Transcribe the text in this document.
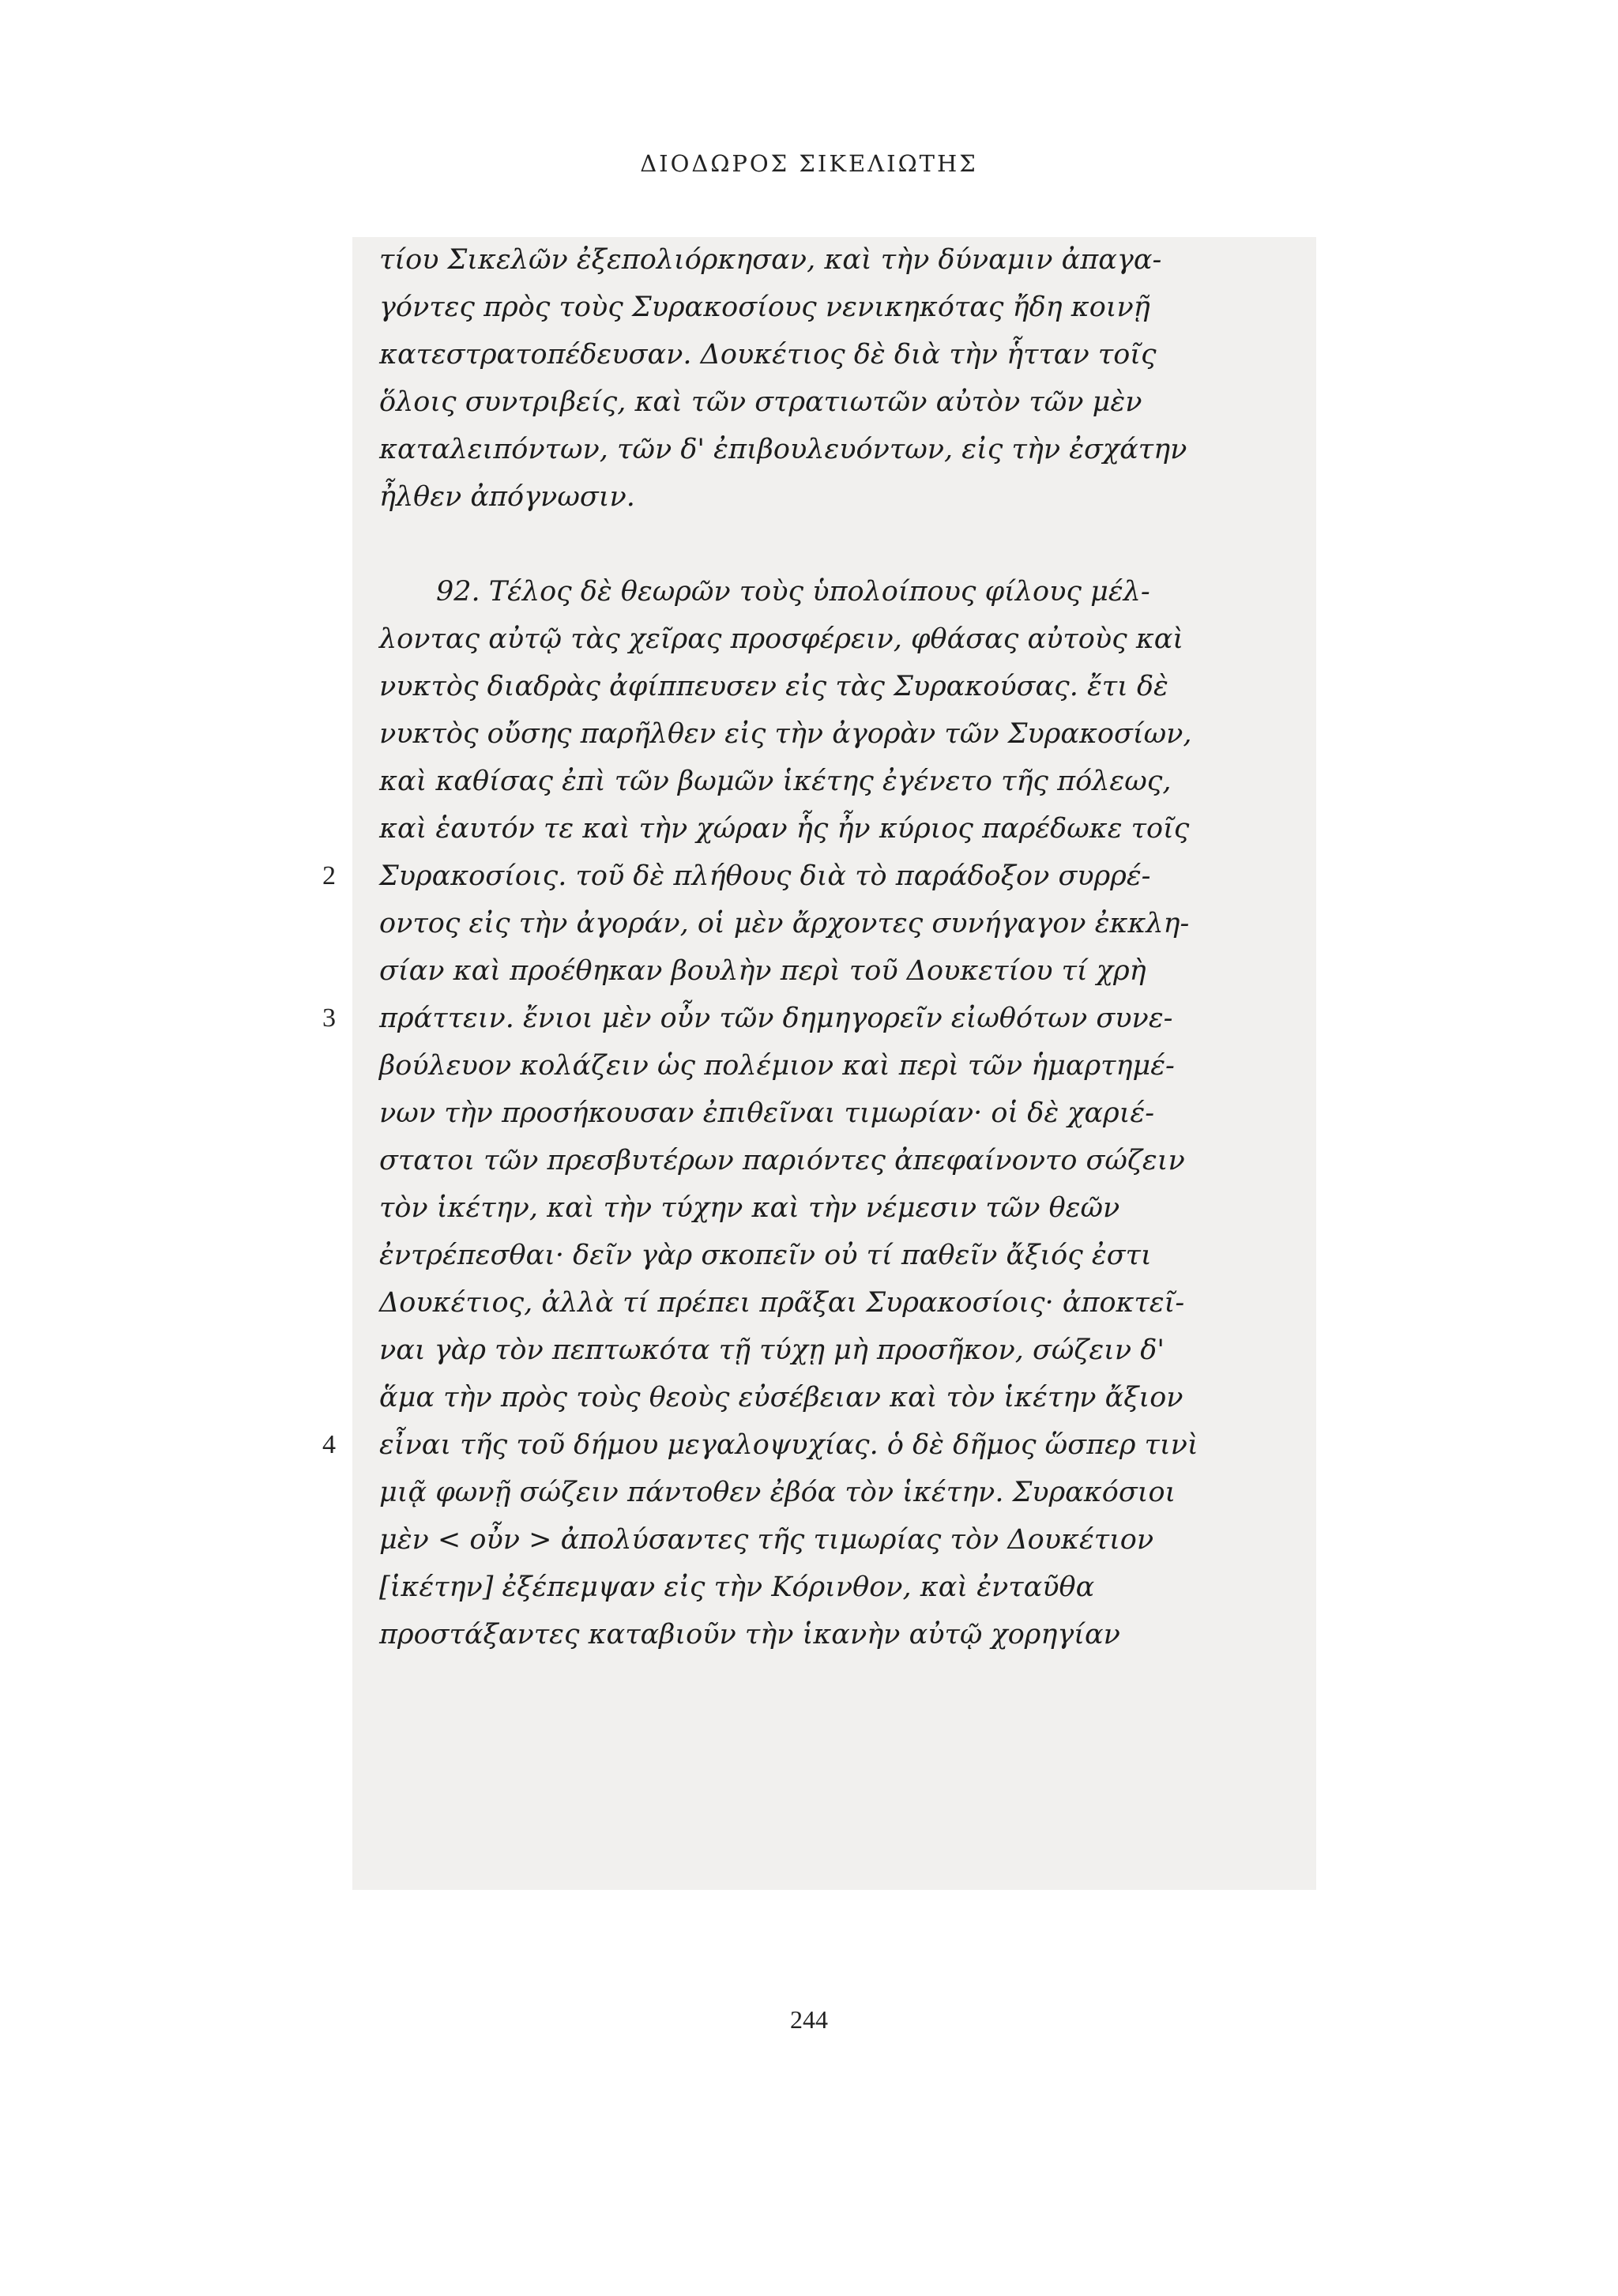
ΔΙΟΔΩΡΟΣ ΣΙΚΕΛΙΩΤΗΣ
τίου Σικελῶν ἐξεπολιόρκησαν, καὶ τὴν δύναμιν ἀπαγα-
γόντες πρὸς τοὺς Συρακοσίους νενικηκότας ἤδη κοινῇ
κατεστρατοπέδευσαν. Δουκέτιος δὲ διὰ τὴν ἧτταν τοῖς
ὅλοις συντριβείς, καὶ τῶν στρατιωτῶν αὐτὸν τῶν μὲν
καταλειπόντων, τῶν δ' ἐπιβουλευόντων, εἰς τὴν ἐσχάτην
ἦλθεν ἀπόγνωσιν.
92. Τέλος δὲ θεωρῶν τοὺς ὑπολοίπους φίλους μέλ-
λοντας αὐτῷ τὰς χεῖρας προσφέρειν, φθάσας αὐτοὺς καὶ
νυκτὸς διαδρὰς ἀφίππευσεν εἰς τὰς Συρακούσας. ἔτι δὲ
νυκτὸς οὔσης παρῆλθεν εἰς τὴν ἀγορὰν τῶν Συρακοσίων,
καὶ καθίσας ἐπὶ τῶν βωμῶν ἱκέτης ἐγένετο τῆς πόλεως,
καὶ ἑαυτόν τε καὶ τὴν χώραν ἧς ἦν κύριος παρέδωκε τοῖς
Συρακοσίοις. τοῦ δὲ πλήθους διὰ τὸ παράδοξον συρρέ-
οντος εἰς τὴν ἀγοράν, οἱ μὲν ἄρχοντες συνήγαγον ἐκκλη-
σίαν καὶ προέθηκαν βουλὴν περὶ τοῦ Δουκετίου τί χρὴ
πράττειν. ἔνιοι μὲν οὖν τῶν δημηγορεῖν εἰωθότων συνε-
βούλευον κολάζειν ὡς πολέμιον καὶ περὶ τῶν ἡμαρτημέ-
νων τὴν προσήκουσαν ἐπιθεῖναι τιμωρίαν· οἱ δὲ χαριέ-
στατοι τῶν πρεσβυτέρων παριόντες ἀπεφαίνοντο σώζειν
τὸν ἱκέτην, καὶ τὴν τύχην καὶ τὴν νέμεσιν τῶν θεῶν
ἐντρέπεσθαι· δεῖν γὰρ σκοπεῖν οὐ τί παθεῖν ἄξιός ἐστι
Δουκέτιος, ἀλλὰ τί πρέπει πρᾶξαι Συρακοσίοις· ἀποκτεῖ-
ναι γὰρ τὸν πεπτωκότα τῇ τύχῃ μὴ προσῆκον, σώζειν δ'
ἅμα τὴν πρὸς τοὺς θεοὺς εὐσέβειαν καὶ τὸν ἱκέτην ἄξιον
εἶναι τῆς τοῦ δήμου μεγαλοψυχίας. ὁ δὲ δῆμος ὥσπερ τινὶ
μιᾷ φωνῇ σώζειν πάντοθεν ἐβόα τὸν ἱκέτην. Συρακόσιοι
μὲν < οὖν > ἀπολύσαντες τῆς τιμωρίας τὸν Δουκέτιον
[ἱκέτην] ἐξέπεμψαν εἰς τὴν Κόρινθον, καὶ ἐνταῦθα
προστάξαντες καταβιοῦν τὴν ἱκανὴν αὐτῷ χορηγίαν
2
3
4
244
